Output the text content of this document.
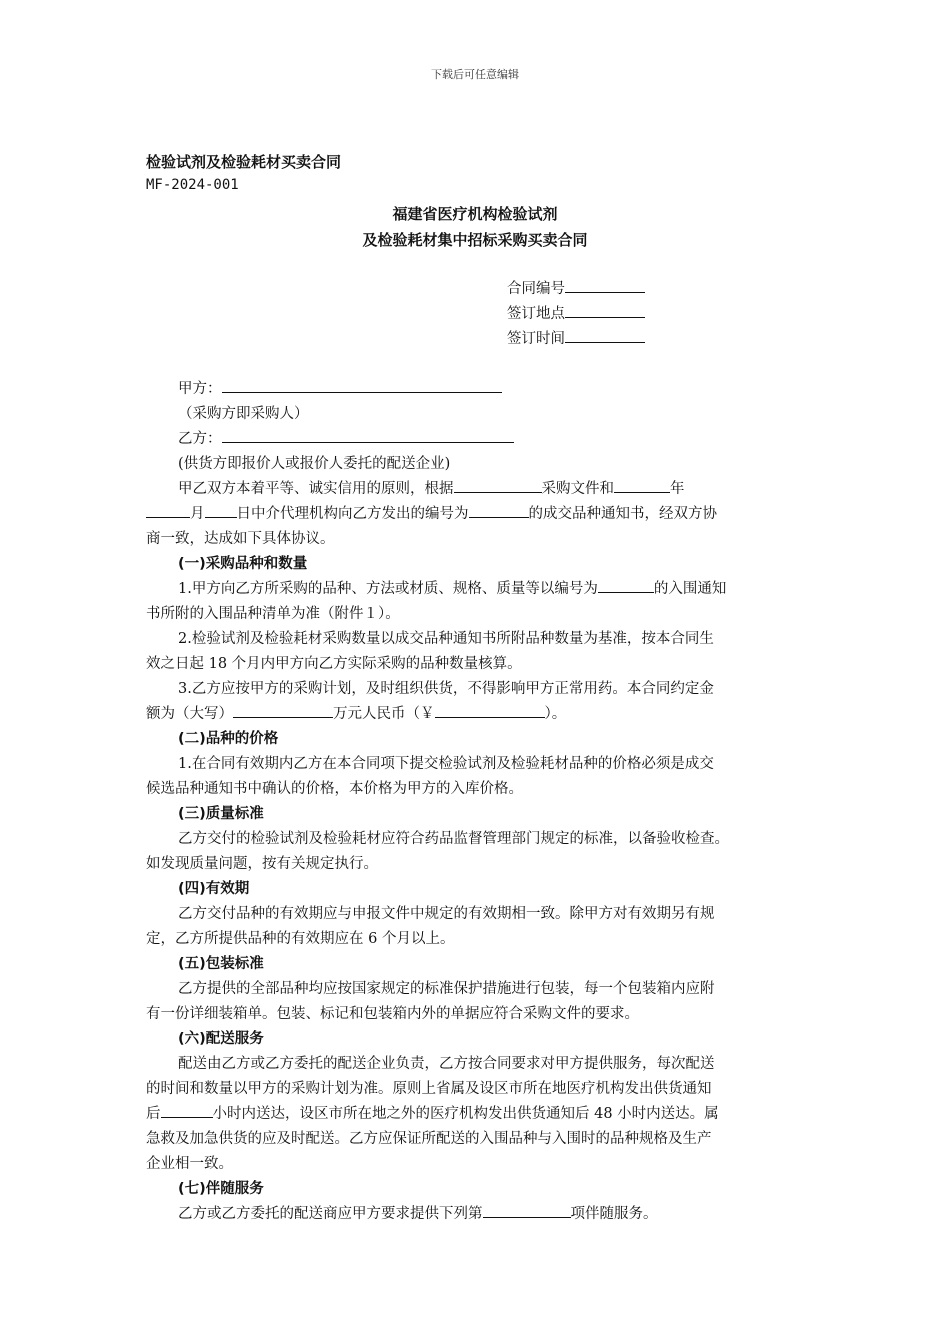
下载后可任意编辑
检验试剂及检验耗材买卖合同
MF-2024-001
福建省医疗机构检验试剂
及检验耗材集中招标采购买卖合同
合同编号
签订地点
签订时间
甲方：
（采购方即采购人）
乙方：
(供货方即报价人或报价人委托的配送企业)
甲乙双方本着平等、诚实信用的原则，根据	采购文件和	年
月 日中介代理机构向乙方发出的编号为	的成交品种通知书，经双方协
商一致，达成如下具体协议。
(一)采购品种和数量
1.甲方向乙方所采购的品种、方法或材质、规格、质量等以编号为	的入围通知
书所附的入围品种清单为准（附件１）。
2.检验试剂及检验耗材采购数量以成交品种通知书所附品种数量为基准，按本合同生
效之日起 18 个月内甲方向乙方实际采购的品种数量核算。
3.乙方应按甲方的采购计划，及时组织供货，不得影响甲方正常用药。本合同约定金
额为（大写）	万元人民币（￥	）。
(二)品种的价格
1.在合同有效期内乙方在本合同项下提交检验试剂及检验耗材品种的价格必须是成交
候选品种通知书中确认的价格，本价格为甲方的入库价格。
(三)质量标准
乙方交付的检验试剂及检验耗材应符合药品监督管理部门规定的标准，以备验收检查。
如发现质量问题，按有关规定执行。
(四)有效期
乙方交付品种的有效期应与申报文件中规定的有效期相一致。除甲方对有效期另有规
定，乙方所提供品种的有效期应在 6 个月以上。
(五)包装标准
乙方提供的全部品种均应按国家规定的标准保护措施进行包装，每一个包装箱内应附
有一份详细装箱单。包装、标记和包装箱内外的单据应符合采购文件的要求。
(六)配送服务
配送由乙方或乙方委托的配送企业负责，乙方按合同要求对甲方提供服务，每次配送
的时间和数量以甲方的采购计划为准。原则上省属及设区市所在地医疗机构发出供货通知
后	小时内送达，设区市所在地之外的医疗机构发出供货通知后 48 小时内送达。属
急救及加急供货的应及时配送。乙方应保证所配送的入围品种与入围时的品种规格及生产
企业相一致。
(七)伴随服务
乙方或乙方委托的配送商应甲方要求提供下列第	项伴随服务。
